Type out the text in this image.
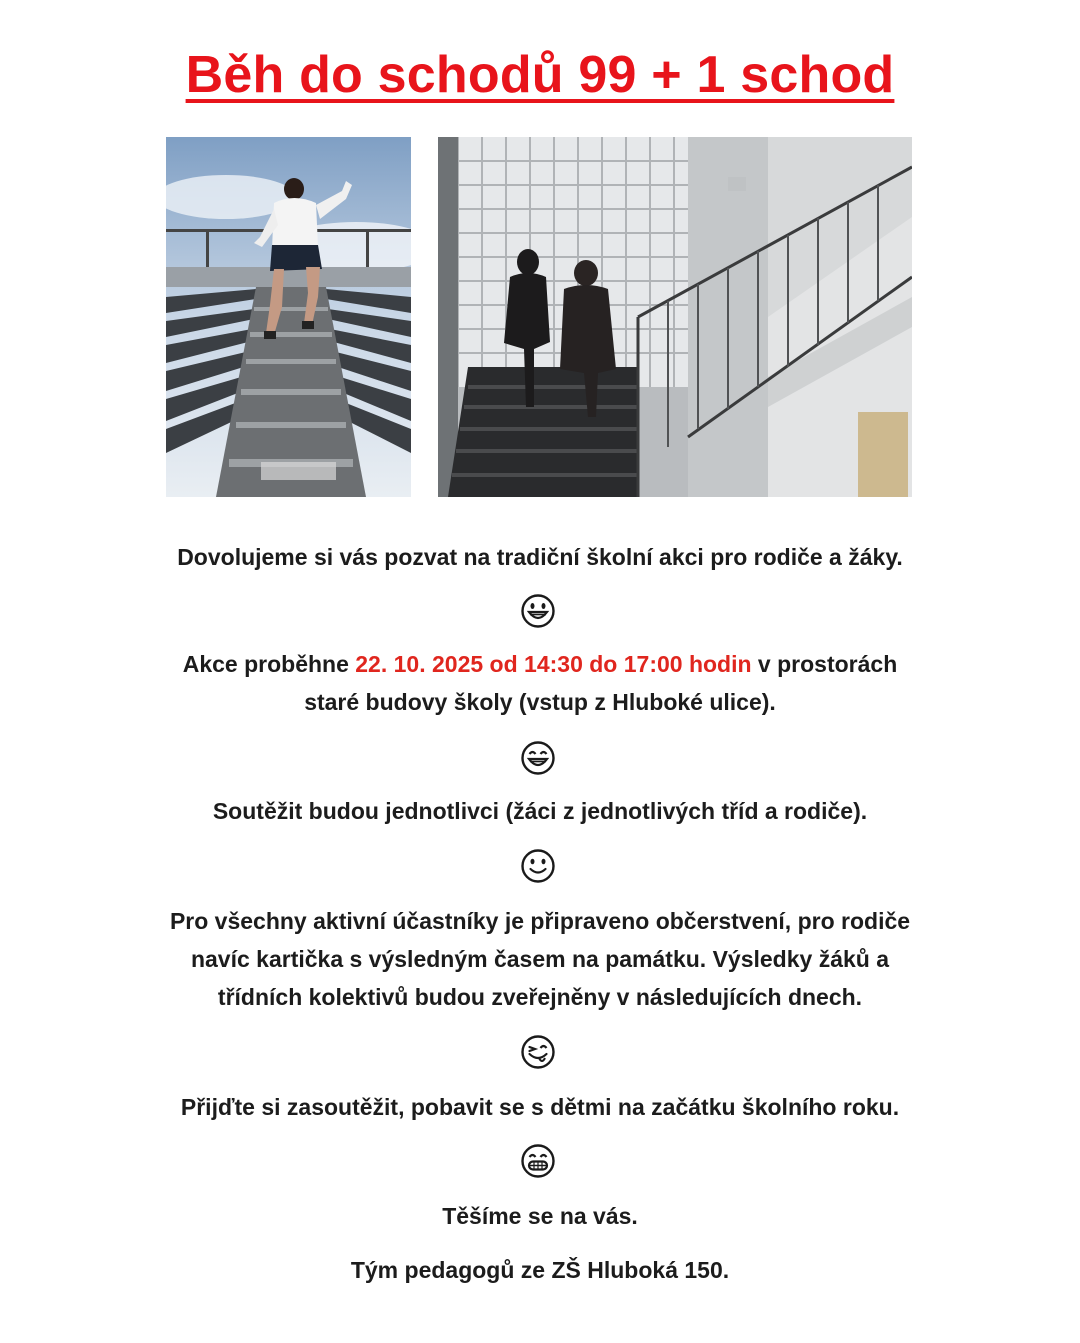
Běh do schodů 99 + 1 schod
Dovolujeme si vás pozvat na tradiční školní akci pro rodiče a žáky.
Akce proběhne 22. 10. 2025 od 14:30 do 17:00 hodin v prostorách
staré budovy školy (vstup z Hluboké ulice).
Soutěžit budou jednotlivci (žáci z jednotlivých tříd a rodiče).
Pro všechny aktivní účastníky je připraveno občerstvení, pro rodiče
navíc kartička s výsledným časem na památku. Výsledky žáků a
třídních kolektivů budou zveřejněny v následujících dnech.
Přijďte si zasoutěžit, pobavit se s dětmi na začátku školního roku.
Těšíme se na vás.
Tým pedagogů ze ZŠ Hluboká 150.
